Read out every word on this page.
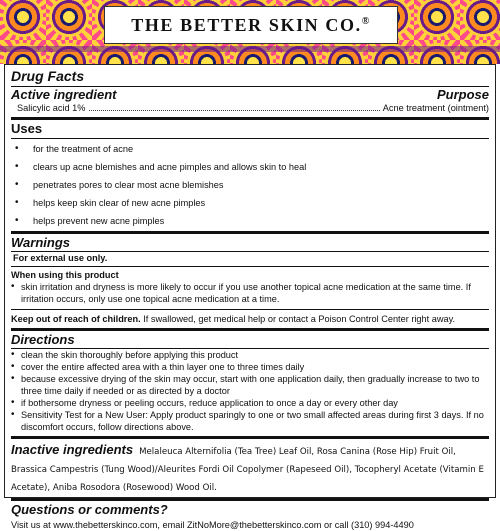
THE BETTER SKIN CO.®
Drug Facts
Active ingredient	Purpose
Salicylic acid 1%	Acne treatment (ointment)
Uses
• for the treatment of acne
• clears up acne blemishes and acne pimples and allows skin to heal
• penetrates pores to clear most acne blemishes
• helps keep skin clear of new acne pimples
• helps prevent new acne pimples
Warnings
For external use only.
When using this product
• skin irritation and dryness is more likely to occur if you use another topical acne medication at the same time. If irritation occurs, only use one topical acne medication at a time.
Keep out of reach of children. If swallowed, get medical help or contact a Poison Control Center right away.
Directions
• clean the skin thoroughly before applying this product
• cover the entire affected area with a thin layer one to three times daily
• because excessive drying of the skin may occur, start with one application daily, then gradually increase to two to three time daily if needed or as directed by a doctor
• if bothersome dryness or peeling occurs, reduce application to once a day or every other day
• Sensitivity Test for a New User: Apply product sparingly to one or two small affected areas during first 3 days. If no discomfort occurs, follow directions above.
Inactive ingredients Melaleuca Alternifolia (Tea Tree) Leaf Oil, Rosa Canina (Rose Hip) Fruit Oil, Brassica Campestris (Tung Wood)/Aleurites Fordi Oil Copolymer (Rapeseed Oil), Tocopheryl Acetate (Vitamin E Acetate), Aniba Rosodora (Rosewood) Wood Oil.
Questions or comments?
Visit us at www.thebetterskinco.com, email ZitNoMore@thebetterskinco.com or call (310) 994-4490
